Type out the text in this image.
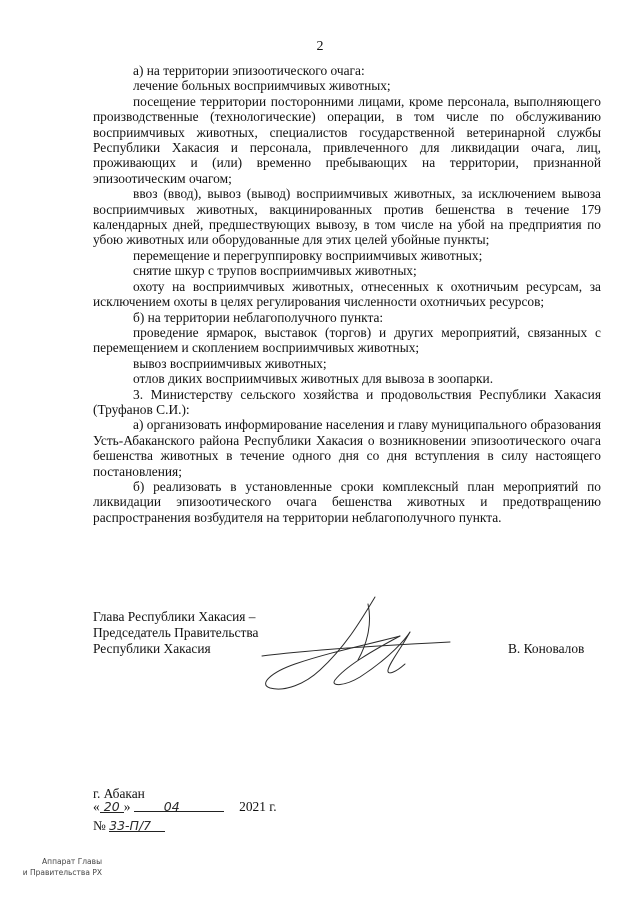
2

а) на территории эпизоотического очага:

лечение больных восприимчивых животных;

посещение территории посторонними лицами, кроме персонала, выполняющего производственные (технологические) операции, в том числе по обслуживанию восприимчивых животных, специалистов государственной ветеринарной службы Республики Хакасия и персонала, привлеченного для ликвидации очага, лиц, проживающих и (или) временно пребывающих на территории, признанной эпизоотическим очагом;

ввоз (ввод), вывоз (вывод) восприимчивых животных, за исключением вывоза восприимчивых животных, вакцинированных против бешенства в течение 179 календарных дней, предшествующих вывозу, в том числе на убой на предприятия по убою животных или оборудованные для этих целей убойные пункты;

перемещение и перегруппировку восприимчивых животных;

снятие шкур с трупов восприимчивых животных;

охоту на восприимчивых животных, отнесенных к охотничьим ресурсам, за исключением охоты в целях регулирования численности охотничьих ресурсов;

б) на территории неблагополучного пункта:

проведение ярмарок, выставок (торгов) и других мероприятий, связанных с перемещением и скоплением восприимчивых животных;

вывоз восприимчивых животных;

отлов диких восприимчивых животных для вывоза в зоопарки.

3. Министерству сельского хозяйства и продовольствия Республики Хакасия (Труфанов С.И.):

а) организовать информирование населения и главу муниципального образования Усть-Абаканского района Республики Хакасия о возникновении эпизоотического очага бешенства животных в течение одного дня со дня вступления в силу настоящего постановления;

б) реализовать в установленные сроки комплексный план мероприятий по ликвидации эпизоотического очага бешенства животных и предотвращению распространения возбудителя на территории неблагополучного пункта.

Глава Республики Хакасия –
Председатель Правительства
Республики Хакасия	В. Коновалов
г. Абакан
« 20 »	04	2021 г.
№ 33-П/7
Аппарат Главы
и Правительства РХ
